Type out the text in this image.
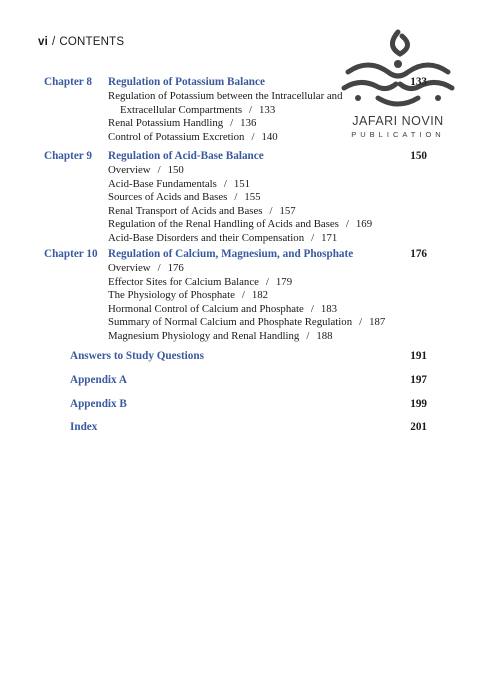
vi / CONTENTS
Chapter 8 Regulation of Potassium Balance	133
Regulation of Potassium between the Intracellular and
Extracellular Compartments / 133
Renal Potassium Handling / 136
Control of Potassium Excretion / 140
Chapter 9 Regulation of Acid-Base Balance	150
Overview / 150
Acid-Base Fundamentals / 151
Sources of Acids and Bases / 155
Renal Transport of Acids and Bases / 157
Regulation of the Renal Handling of Acids and Bases / 169
Acid-Base Disorders and their Compensation / 171
Chapter 10 Regulation of Calcium, Magnesium, and Phosphate	176
Overview / 176
Effector Sites for Calcium Balance / 179
The Physiology of Phosphate / 182
Hormonal Control of Calcium and Phosphate / 183
Summary of Normal Calcium and Phosphate Regulation / 187
Magnesium Physiology and Renal Handling / 188
Answers to Study Questions	191
Appendix A	197
Appendix B	199
Index	201
JAFARI NOVIN
PUBLICATION
